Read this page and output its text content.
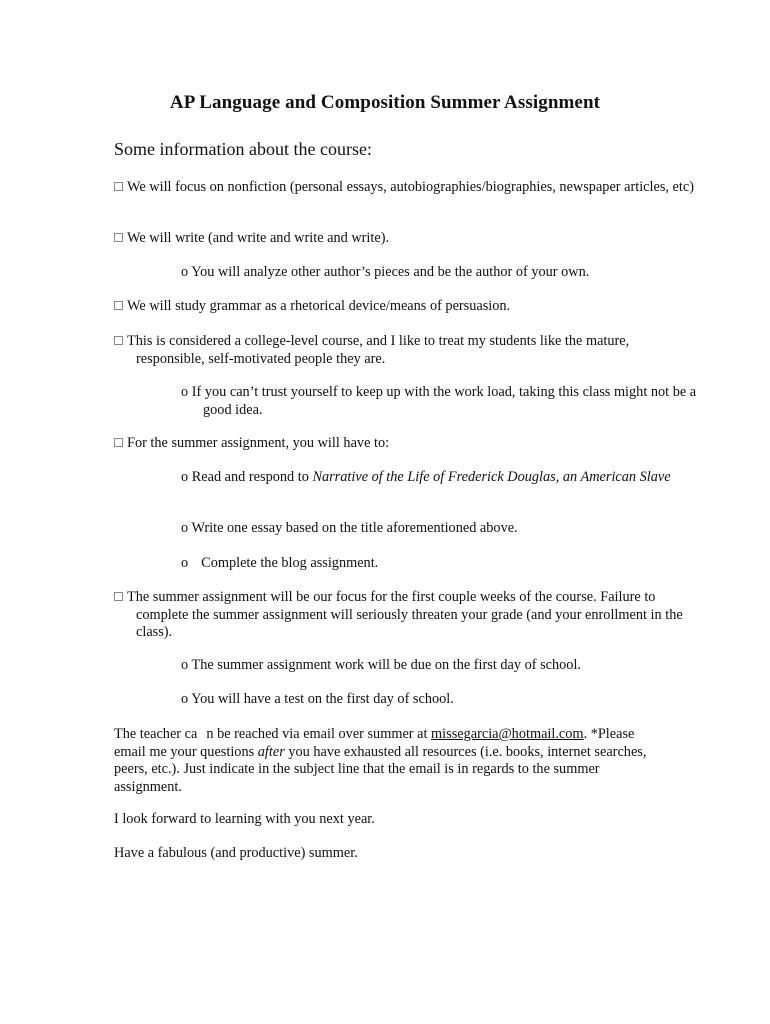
AP Language and Composition Summer Assignment
Some information about the course:
We will focus on nonfiction (personal essays, autobiographies/biographies, newspaper articles, etc)
We will write (and write and write and write).
o You will analyze other author’s pieces and be the author of your own.
We will study grammar as a rhetorical device/means of persuasion.
This is considered a college-level course, and I like to treat my students like the mature, responsible, self-motivated people they are.
o If you can’t trust yourself to keep up with the work load, taking this class might not be a good idea.
For the summer assignment, you will have to:
o Read and respond to Narrative of the Life of Frederick Douglas, an American Slave
o Write one essay based on the title aforementioned above.
o Complete the blog assignment.
The summer assignment will be our focus for the first couple weeks of the course. Failure to complete the summer assignment will seriously threaten your grade (and your enrollment in the class).
o The summer assignment work will be due on the first day of school.
o You will have a test on the first day of school.
The teacher ca n be reached via email over summer at missegarcia@hotmail.com. *Please email me your questions after you have exhausted all resources (i.e. books, internet searches, peers, etc.). Just indicate in the subject line that the email is in regards to the summer assignment.
I look forward to learning with you next year.
Have a fabulous (and productive) summer.
